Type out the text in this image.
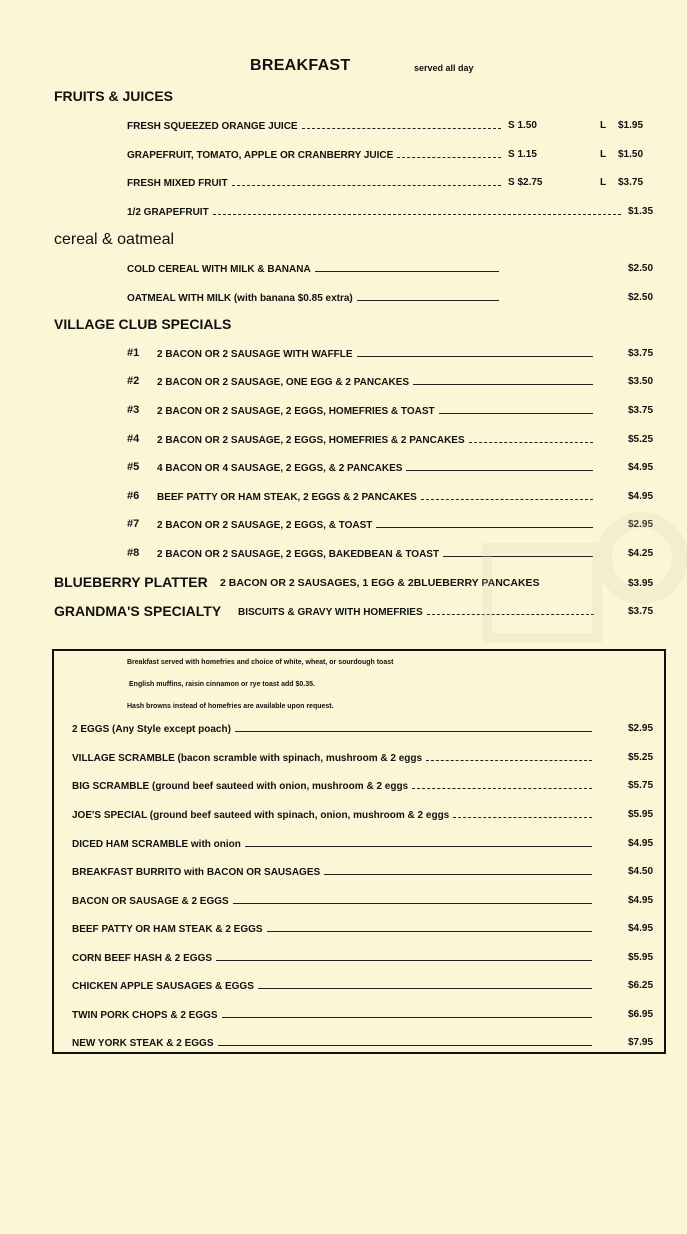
BREAKFAST	served all day
FRUITS & JUICES
FRESH SQUEEZED ORANGE JUICE	S 1.50	L $1.95
GRAPEFRUIT, TOMATO, APPLE OR CRANBERRY JUICE	S 1.15	L $1.50
FRESH MIXED FRUIT	S $2.75	L $3.75
1/2 GRAPEFRUIT	$1.35
cereal & oatmeal
COLD CEREAL WITH MILK & BANANA	$2.50
OATMEAL WITH MILK (with banana $0.85 extra)	$2.50
VILLAGE CLUB SPECIALS
#1 2 BACON OR 2 SAUSAGE WITH WAFFLE	$3.75
#2 2 BACON OR 2 SAUSAGE, ONE EGG & 2 PANCAKES	$3.50
#3 2 BACON OR 2 SAUSAGE, 2 EGGS, HOMEFRIES & TOAST	$3.75
#4 2 BACON OR 2 SAUSAGE, 2 EGGS, HOMEFRIES & 2 PANCAKES	$5.25
#5 4 BACON OR 4 SAUSAGE, 2 EGGS, & 2 PANCAKES	$4.95
#6 BEEF PATTY OR HAM STEAK, 2 EGGS & 2 PANCAKES	$4.95
#7 2 BACON OR 2 SAUSAGE, 2 EGGS, & TOAST	$2.95
#8 2 BACON OR 2 SAUSAGE, 2 EGGS, BAKEDBEAN & TOAST	$4.25
BLUEBERRY PLATTER 2 BACON OR 2 SAUSAGES, 1 EGG & 2BLUEBERRY PANCAKES	$3.95
GRANDMA'S SPECIALTY BISCUITS & GRAVY WITH HOMEFRIES	$3.75
Breakfast served with homefries and choice of white, wheat, or sourdough toast
English muffins, raisin cinnamon or rye toast add $0.35.
Hash browns instead of homefries are available upon request.
2 EGGS (Any Style except poach)	$2.95
VILLAGE SCRAMBLE (bacon scramble with spinach, mushroom & 2 eggs	$5.25
BIG SCRAMBLE (ground beef sauteed with onion, mushroom & 2 eggs	$5.75
JOE'S SPECIAL (ground beef sauteed with spinach, onion, mushroom & 2 eggs	$5.95
DICED HAM SCRAMBLE with onion	$4.95
BREAKFAST BURRITO with BACON OR SAUSAGES	$4.50
BACON OR SAUSAGE & 2 EGGS	$4.95
BEEF PATTY OR HAM STEAK & 2 EGGS	$4.95
CORN BEEF HASH & 2 EGGS	$5.95
CHICKEN APPLE SAUSAGES & EGGS	$6.25
TWIN PORK CHOPS & 2 EGGS	$6.95
NEW YORK STEAK & 2 EGGS	$7.95
